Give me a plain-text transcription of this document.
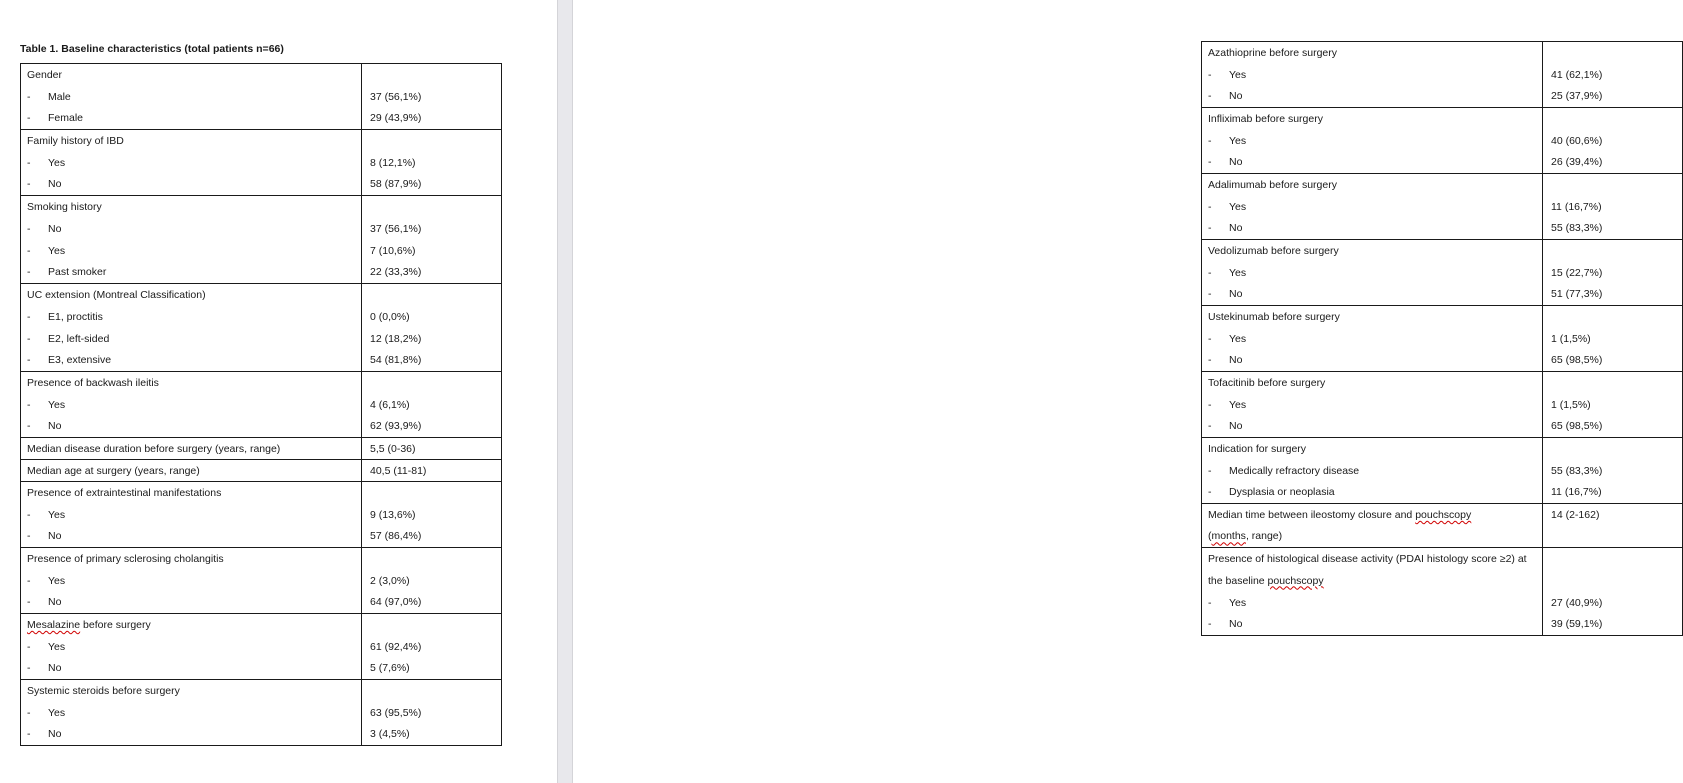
Table 1. Baseline characteristics (total patients n=66)
Gender	
- Male	37 (56,1%)
- Female	29 (43,9%)
Family history of IBD	
- Yes	8 (12,1%)
- No	58 (87,9%)
Smoking history	
- No	37 (56,1%)
- Yes	7 (10,6%)
- Past smoker	22 (33,3%)
UC extension (Montreal Classification)	
- E1, proctitis	0 (0,0%)
- E2, left-sided	12 (18,2%)
- E3, extensive	54 (81,8%)
Presence of backwash ileitis	
- Yes	4 (6,1%)
- No	62 (93,9%)
Median disease duration before surgery (years, range)	5,5 (0-36)
Median age at surgery (years, range)	40,5 (11-81)
Presence of extraintestinal manifestations	
- Yes	9 (13,6%)
- No	57 (86,4%)
Presence of primary sclerosing cholangitis	
- Yes	2 (3,0%)
- No	64 (97,0%)
Mesalazine before surgery	
- Yes	61 (92,4%)
- No	5 (7,6%)
Systemic steroids before surgery	
- Yes	63 (95,5%)
- No	3 (4,5%)
Azathioprine before surgery	
- Yes	41 (62,1%)
- No	25 (37,9%)
Infliximab before surgery	
- Yes	40 (60,6%)
- No	26 (39,4%)
Adalimumab before surgery	
- Yes	11 (16,7%)
- No	55 (83,3%)
Vedolizumab before surgery	
- Yes	15 (22,7%)
- No	51 (77,3%)
Ustekinumab before surgery	
- Yes	1 (1,5%)
- No	65 (98,5%)
Tofacitinib before surgery	
- Yes	1 (1,5%)
- No	65 (98,5%)
Indication for surgery	
- Medically refractory disease	55 (83,3%)
- Dysplasia or neoplasia	11 (16,7%)
Median time between ileostomy closure and pouchscopy	14 (2-162)
(months, range)	
Presence of histological disease activity (PDAI histology score ≥2) at	
the baseline pouchscopy	
- Yes	27 (40,9%)
- No	39 (59,1%)
